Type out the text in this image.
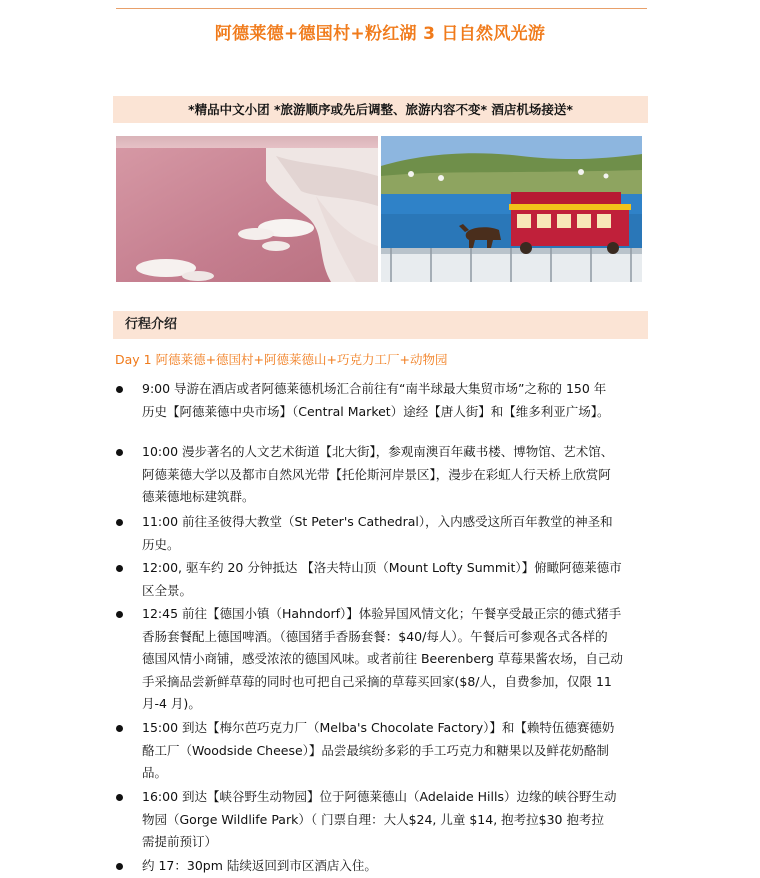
阿德莱德+德国村+粉红湖 3 日自然风光游
*精品中文小团 *旅游顺序或先后调整、旅游内容不变* 酒店机场接送*
行程介绍
Day 1 阿德莱德+德国村+阿德莱德山+巧克力工厂+动物园
9:00 导游在酒店或者阿德莱德机场汇合前往有“南半球最大集贸市场”之称的 150 年
历史【阿德莱德中央市场】（Central Market）途经【唐人街】和【维多利亚广场】。
10:00 漫步著名的人文艺术街道【北大街】，参观南澳百年藏书楼、博物馆、艺术馆、
阿德莱德大学以及都市自然风光带【托伦斯河岸景区】，漫步在彩虹人行天桥上欣赏阿
德莱德地标建筑群。
11:00 前往圣彼得大教堂（St Peter's Cathedral），入内感受这所百年教堂的神圣和
历史。
12:00, 驱车约 20 分钟抵达 【洛夫特山顶（Mount Lofty Summit）】俯瞰阿德莱德市
区全景。
12:45 前往【德国小镇（Hahndorf）】体验异国风情文化；午餐享受最正宗的德式猪手
香肠套餐配上德国啤酒。（德国猪手香肠套餐：$40/每人）。午餐后可参观各式各样的
德国风情小商铺，感受浓浓的德国风味。或者前往 Beerenberg 草莓果酱农场，自己动
手采摘品尝新鲜草莓的同时也可把自己采摘的草莓买回家($8/人，自费参加，仅限 11
月-4 月)。
15:00 到达【梅尔芭巧克力厂（Melba's Chocolate Factory）】和【赖特伍德赛德奶
酪工厂（Woodside Cheese）】品尝最缤纷多彩的手工巧克力和糖果以及鲜花奶酪制
品。
16:00 到达【峡谷野生动物园】位于阿德莱德山（Adelaide Hills）边缘的峡谷野生动
物园（Gorge Wildlife Park）（ 门票自理：大人$24, 儿童 $14, 抱考拉$30 抱考拉
需提前预订）
约 17：30pm 陆续返回到市区酒店入住。
